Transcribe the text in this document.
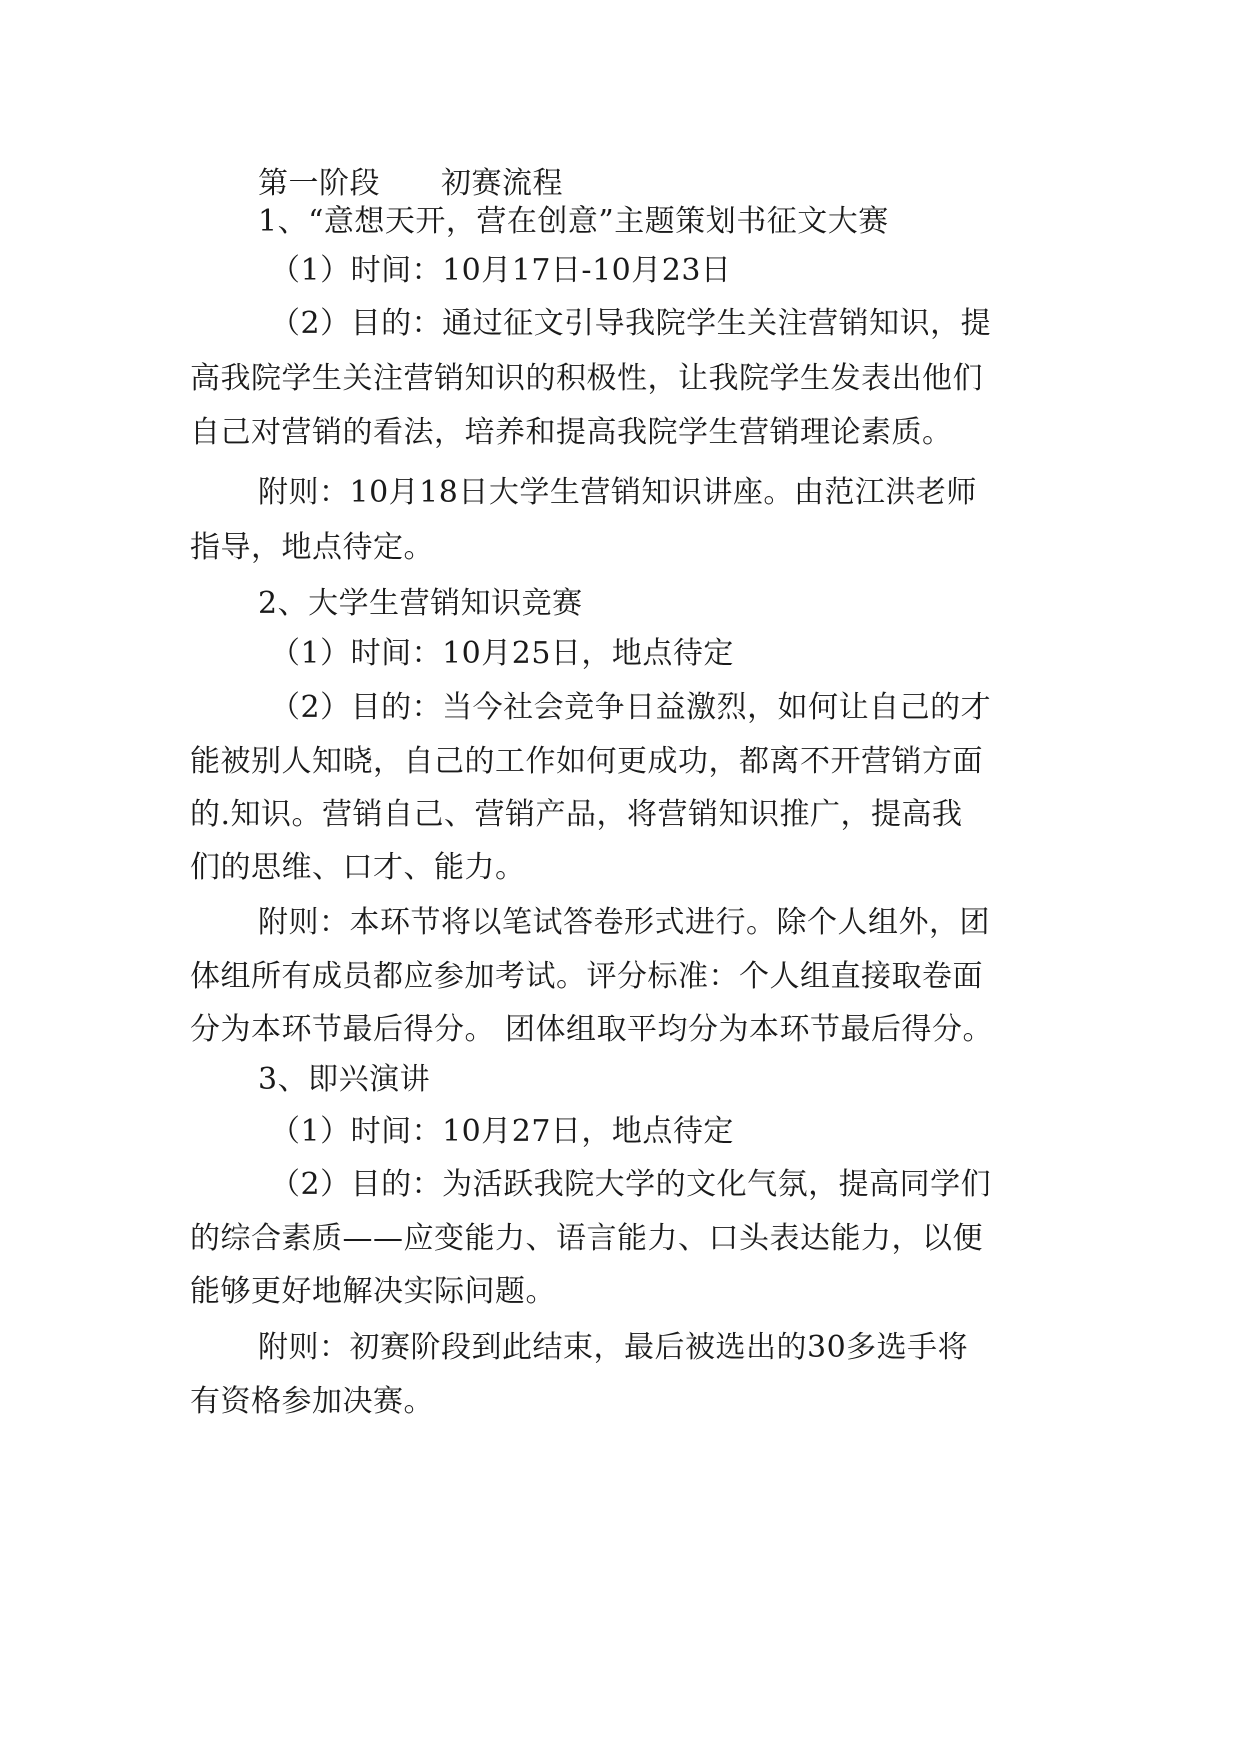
第一阶段　　初赛流程

1、“意想天开，营在创意”主题策划书征文大赛

（1）时间：10月17日-10月23日

（2）目的：通过征文引导我院学生关注营销知识，提

高我院学生关注营销知识的积极性，让我院学生发表出他们

自己对营销的看法，培养和提高我院学生营销理论素质。

附则：10月18日大学生营销知识讲座。由范江洪老师

指导，地点待定。

2、大学生营销知识竞赛

（1）时间：10月25日，地点待定

（2）目的：当今社会竞争日益激烈，如何让自己的才

能被别人知晓，自己的工作如何更成功，都离不开营销方面

的.知识。营销自己、营销产品，将营销知识推广，提高我

们的思维、口才、能力。

附则：本环节将以笔试答卷形式进行。除个人组外，团

体组所有成员都应参加考试。评分标准：个人组直接取卷面

分为本环节最后得分。 团体组取平均分为本环节最后得分。

3、即兴演讲

（1）时间：10月27日，地点待定

（2）目的：为活跃我院大学的文化气氛，提高同学们

的综合素质——应变能力、语言能力、口头表达能力，以便

能够更好地解决实际问题。

附则：初赛阶段到此结束，最后被选出的30多选手将

有资格参加决赛。
